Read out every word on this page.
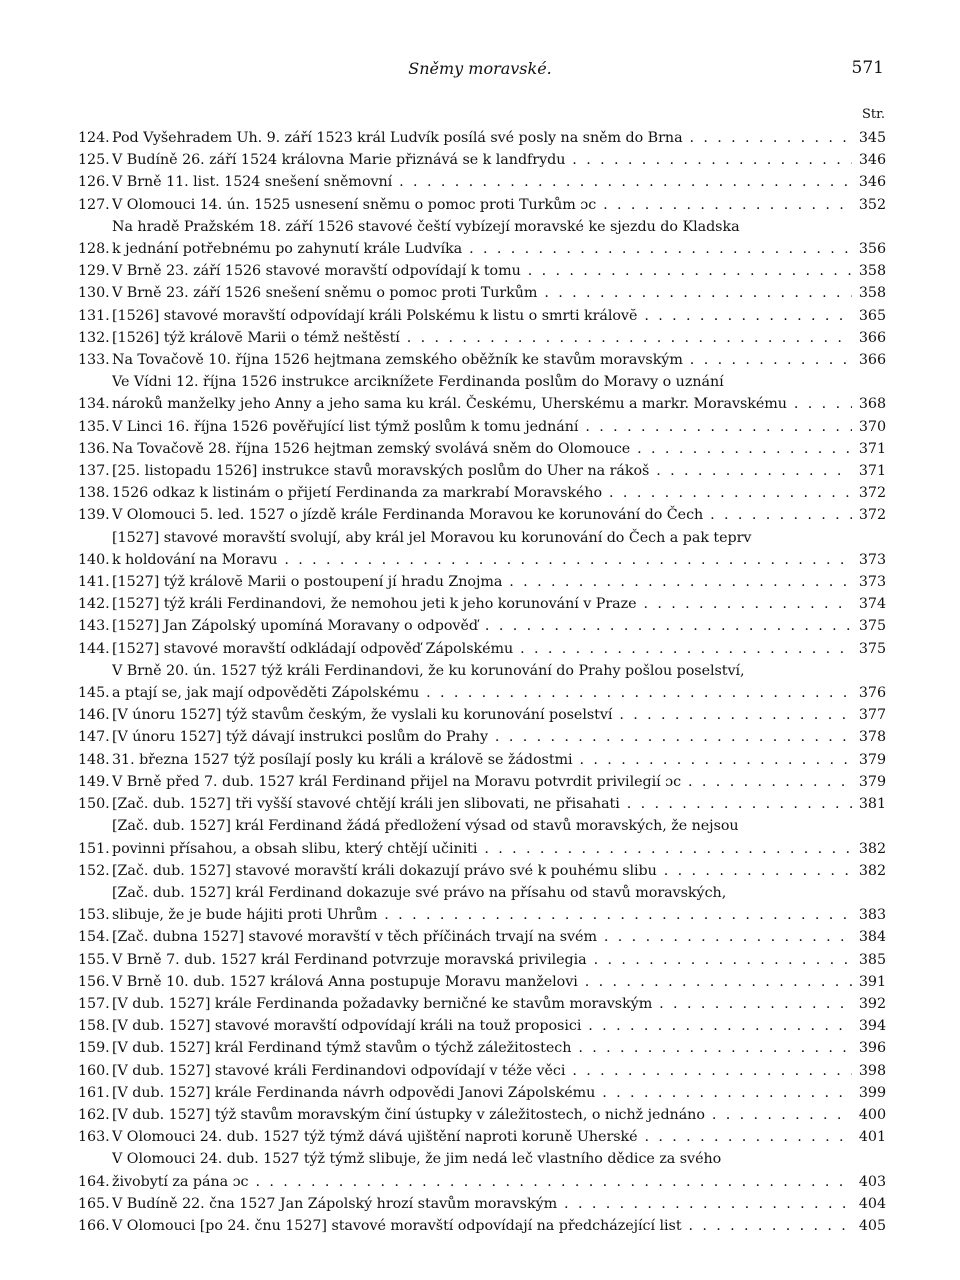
Sněmy moravské.	571
Str.
124. Pod Vyšehradem Uh. 9. září 1523 král Ludvík posílá své posly na sněm do Brna . . .	345
125. V Budíně 26. září 1524 královna Marie přiznává se k landfrydu . . .	346
126. V Brně 11. list. 1524 snešení sněmovní . . .	346
127. V Olomouci 14. ún. 1525 usnesení sněmu o pomoc proti Turkům ɔc . . .	352
128.
Na hradě Pražském 18. září 1526 stavové čeští vybízejí moravské ke sjezdu do Kladska
k jednání potřebnému po zahynutí krále Ludvíka . . .	356
129. V Brně 23. září 1526 stavové moravští odpovídají k tomu . . .	358
130. V Brně 23. září 1526 snešení sněmu o pomoc proti Turkům . . .	358
131. [1526] stavové moravští odpovídají králi Polskému k listu o smrti královĕ . . .	365
132. [1526] týž královĕ Marii o témž neštěstí . . .	366
133. Na Tovačově 10. října 1526 hejtmana zemského oběžník ke stavům moravským . . .	366
134.
Ve Vídni 12. října 1526 instrukce arciknížete Ferdinanda poslům do Moravy o uznání
nároků manželky jeho Anny a jeho sama ku král. Českému, Uherskému a markr. Moravskému . . .	368
135. V Linci 16. října 1526 pověřující list týmž poslům k tomu jednání . . .	370
136. Na Tovačově 28. října 1526 hejtman zemský svolává sněm do Olomouce . . .	371
137. [25. listopadu 1526] instrukce stavů moravských poslům do Uher na rákoš . . .	371
138. 1526 odkaz k listinám o přijetí Ferdinanda za markrabí Moravského . . .	372
139. V Olomouci 5. led. 1527 o jízdě krále Ferdinanda Moravou ke korunování do Čech . . .	372
140.
[1527] stavové moravští svolují, aby král jel Moravou ku korunování do Čech a pak teprv
k holdování na Moravu . . .	373
141. [1527] týž královĕ Marii o postoupení jí hradu Znojma . . .	373
142. [1527] týž králi Ferdinandovi, že nemohou jeti k jeho korunování v Praze . . .	374
143. [1527] Jan Zápolský upomíná Moravany o odpověď . . .	375
144. [1527] stavové moravští odkládají odpověď Zápolskému . . .	375
145.
V Brně 20. ún. 1527 týž králi Ferdinandovi, že ku korunování do Prahy pošlou poselství,
a ptají se, jak mají odpověděti Zápolskému . . .	376
146. [V únoru 1527] týž stavům českým, že vyslali ku korunování poselství . . .	377
147. [V únoru 1527] týž dávají instrukci poslům do Prahy . . .	378
148. 31. března 1527 týž posílají posly ku králi a královĕ se žádostmi . . .	379
149. V Brně před 7. dub. 1527 král Ferdinand přijel na Moravu potvrdit privilegií ɔc . . .	379
150. [Zač. dub. 1527] tři vyšší stavové chtějí králi jen slibovati, ne přisahati . . .	381
151.
[Zač. dub. 1527] král Ferdinand žádá předložení výsad od stavů moravských, že nejsou
povinni přísahou, a obsah slibu, který chtějí učiniti . . .	382
152. [Zač. dub. 1527] stavové moravští králi dokazují právo své k pouhému slibu . . .	382
153.
[Zač. dub. 1527] král Ferdinand dokazuje své právo na přísahu od stavů moravských,
slibuje, že je bude hájiti proti Uhrům . . .	383
154. [Zač. dubna 1527] stavové moravští v těch příčinách trvají na svém . . .	384
155. V Brně 7. dub. 1527 král Ferdinand potvrzuje moravská privilegia . . .	385
156. V Brně 10. dub. 1527 králová Anna postupuje Moravu manželovi . . .	391
157. [V dub. 1527] krále Ferdinanda požadavky berničné ke stavům moravským . . .	392
158. [V dub. 1527] stavové moravští odpovídají králi na touž proposici . . .	394
159. [V dub. 1527] král Ferdinand týmž stavům o týchž záležitostech . . .	396
160. [V dub. 1527] stavové králi Ferdinandovi odpovídají v téže věci . . .	398
161. [V dub. 1527] krále Ferdinanda návrh odpovědi Janovi Zápolskému . . .	399
162. [V dub. 1527] týž stavům moravským činí ústupky v záležitostech, o nichž jednáno . . .	400
163. V Olomouci 24. dub. 1527 týž týmž dává ujištění naproti koruně Uherské . . .	401
164.
V Olomouci 24. dub. 1527 týž týmž slibuje, že jim nedá leč vlastního dědice za svého
živobytí za pána ɔc . . .	403
165. V Budíně 22. čna 1527 Jan Zápolský hrozí stavům moravským . . .	404
166. V Olomouci [po 24. čnu 1527] stavové moravští odpovídají na předcházející list . . .	405
